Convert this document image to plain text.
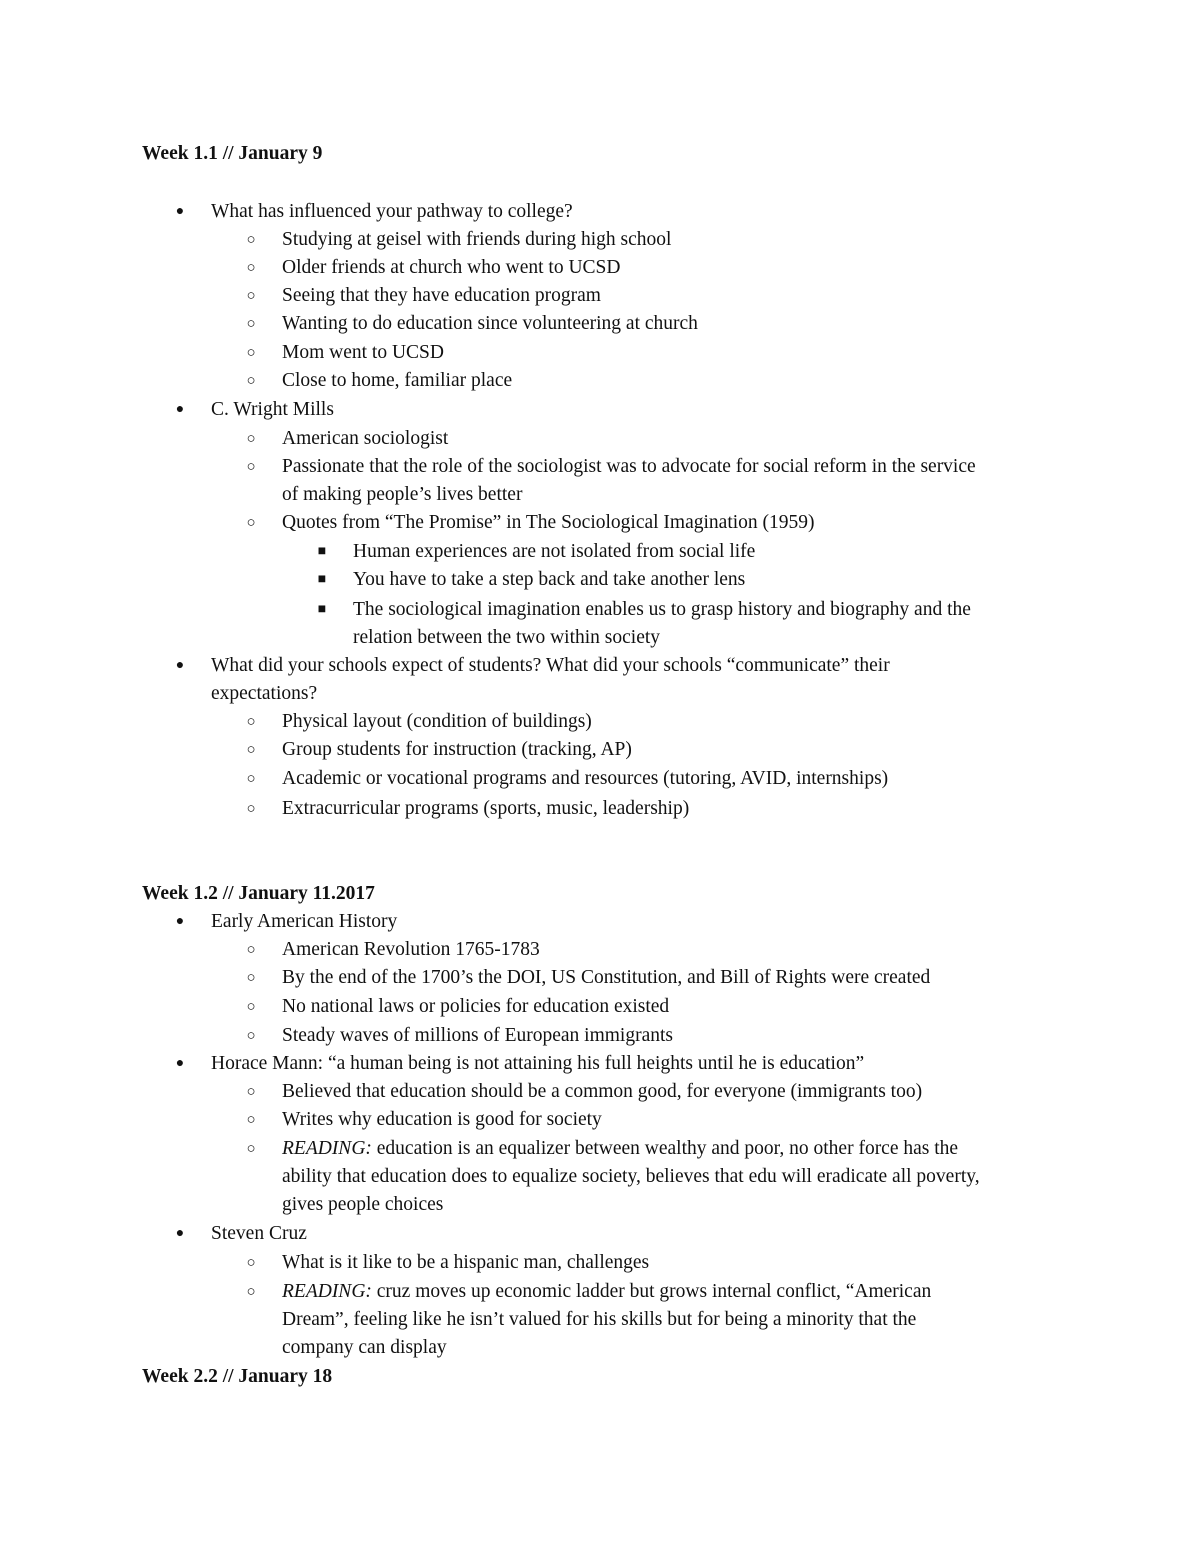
Week 1.1 // January 9
● What has influenced your pathway to college?
○ Studying at geisel with friends during high school
○ Older friends at church who went to UCSD
○ Seeing that they have education program
○ Wanting to do education since volunteering at church
○ Mom went to UCSD
○ Close to home, familiar place
● C. Wright Mills
○ American sociologist
○ Passionate that the role of the sociologist was to advocate for social reform in the service
of making people’s lives better
○ Quotes from “The Promise” in The Sociological Imagination (1959)
■ Human experiences are not isolated from social life
■ You have to take a step back and take another lens
■ The sociological imagination enables us to grasp history and biography and the
relation between the two within society
● What did your schools expect of students? What did your schools “communicate” their
expectations?
○ Physical layout (condition of buildings)
○ Group students for instruction (tracking, AP)
○ Academic or vocational programs and resources (tutoring, AVID, internships)
○ Extracurricular programs (sports, music, leadership)
Week 1.2 // January 11.2017
● Early American History
○ American Revolution 1765-1783
○ By the end of the 1700’s the DOI, US Constitution, and Bill of Rights were created
○ No national laws or policies for education existed
○ Steady waves of millions of European immigrants
● Horace Mann: “a human being is not attaining his full heights until he is education”
○ Believed that education should be a common good, for everyone (immigrants too)
○ Writes why education is good for society
○ READING: education is an equalizer between wealthy and poor, no other force has the
ability that education does to equalize society, believes that edu will eradicate all poverty,
gives people choices
● Steven Cruz
○ What is it like to be a hispanic man, challenges
○ READING: cruz moves up economic ladder but grows internal conflict, “American
Dream”, feeling like he isn’t valued for his skills but for being a minority that the
company can display
Week 2.2 // January 18
